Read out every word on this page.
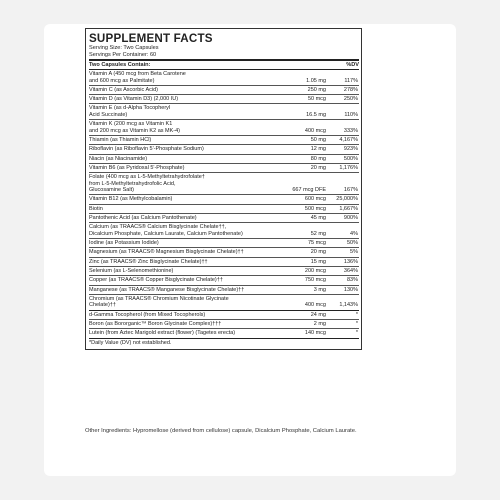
SUPPLEMENT FACTS
Serving Size: Two Capsules
Servings Per Container: 60
Two Capsules Contain:	%DV
Vitamin A (450 mcg from Beta Carotene
and 600 mcg as Palmitate)	1.05 mg	117%
Vitamin C (as Ascorbic Acid)	250 mg	278%
Vitamin D (as Vitamin D3) (2,000 IU)	50 mcg	250%
Vitamin E (as d-Alpha Tocopheryl
Acid Succinate)	16.5 mg	110%
Vitamin K (200 mcg as Vitamin K1
and 200 mcg as Vitamin K2 as MK-4)	400 mcg	333%
Thiamin (as Thiamin HCl)	50 mg	4,167%
Riboflavin (as Riboflavin 5'-Phosphate Sodium)	12 mg	923%
Niacin (as Niacinamide)	80 mg	500%
Vitamin B6 (as Pyridoxal 5'-Phosphate)	20 mg	1,176%
Folate (400 mcg as L-5-Methyltetrahydrofolate†
from L-5-Methyltetrahydrofolic Acid,
Glucosamine Salt)	667 mcg DFE	167%
Vitamin B12 (as Methylcobalamin)	600 mcg	25,000%
Biotin	500 mcg	1,667%
Pantothenic Acid (as Calcium Pantothenate)	45 mg	900%
Calcium (as TRAACS® Calcium Bisglycinate Chelate††,
Dicalcium Phosphate, Calcium Laurate, Calcium Pantothenate)	52 mg	4%
Iodine (as Potassium Iodide)	75 mcg	50%
Magnesium (as TRAACS® Magnesium Bisglycinate Chelate)††	20 mg	5%
Zinc (as TRAACS® Zinc Bisglycinate Chelate)††	15 mg	136%
Selenium (as L-Selenomethionine)	200 mcg	364%
Copper (as TRAACS® Copper Bisglycinate Chelate)††	750 mcg	83%
Manganese (as TRAACS® Manganese Bisglycinate Chelate)††	3 mg	130%
Chromium (as TRAACS® Chromium Nicotinate Glycinate
Chelate)††	400 mcg	1,143%
d-Gamma Tocopherol (from Mixed Tocopherols)	24 mg	*
Boron (as Bororganic™ Boron Glycinate Complex)†††	2 mg	*
Lutein (from Aztec Marigold extract (flower) (Tagetes erecta)	140 mcg	*
*Daily Value (DV) not established.
Other Ingredients: Hypromellose (derived from cellulose) capsule, Dicalcium Phosphate, Calcium Laurate.
